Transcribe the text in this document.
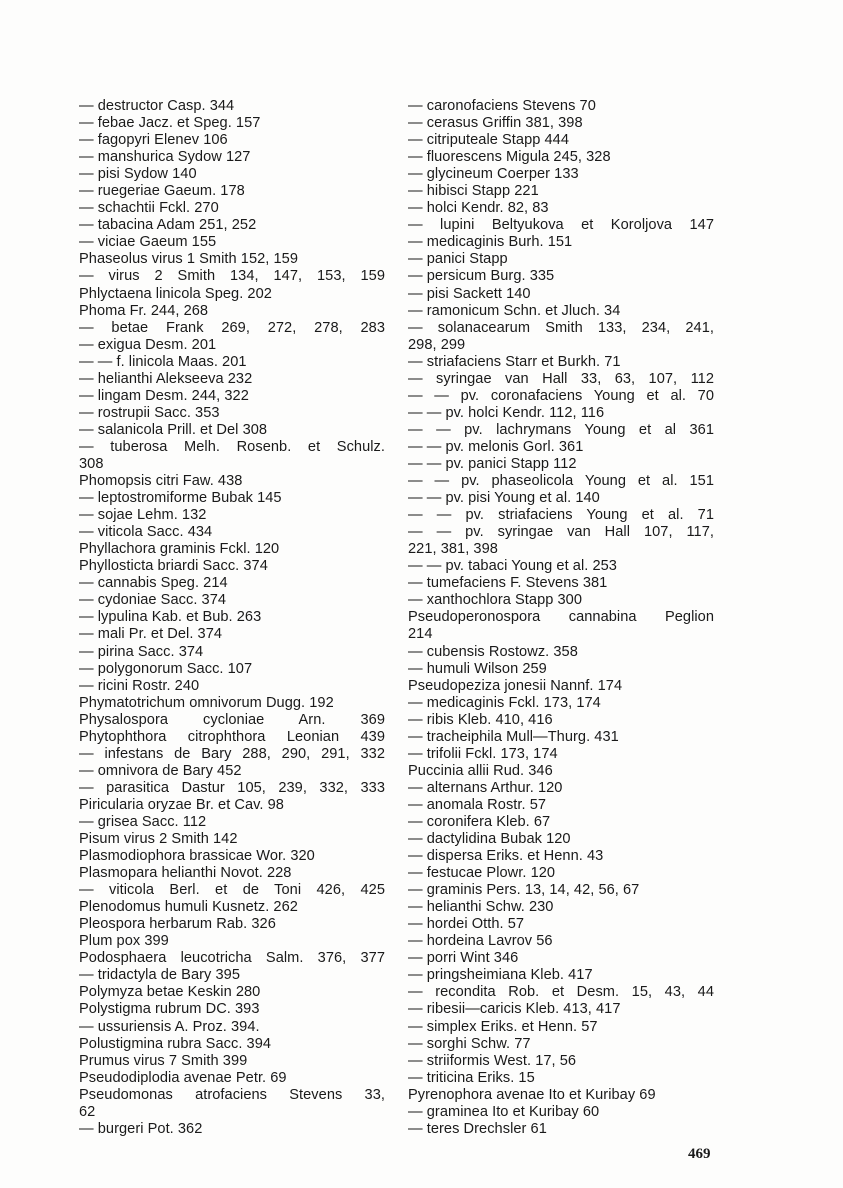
— destructor Casp. 344
— febae Jacz. et Speg. 157
— fagopyri Elenev 106
— manshurica Sydow 127
— pisi Sydow 140
— ruegeriae Gaeum. 178
— schachtii Fckl. 270
— tabacina Adam 251, 252
— viciae Gaeum 155
Phaseolus virus 1 Smith 152, 159
— virus 2 Smith 134, 147, 153, 159
Phlyctaena linicola Speg. 202
Phoma Fr. 244, 268
— betae Frank 269, 272, 278, 283
— exigua Desm. 201
— — f. linicola Maas. 201
— helianthi Alekseeva 232
— lingam Desm. 244, 322
— rostrupii Sacc. 353
— salanicola Prill. et Del 308
— tuberosa Melh. Rosenb. et Schulz.
308
Phomopsis citri Faw. 438
— leptostromiforme Bubak 145
— sojae Lehm. 132
— viticola Sacc. 434
Phyllachora graminis Fckl. 120
Phyllosticta briardi Sacc. 374
— cannabis Speg. 214
— cydoniae Sacc. 374
— lypulina Kab. et Bub. 263
— mali Pr. et Del. 374
— pirina Sacc. 374
— polygonorum Sacc. 107
— ricini Rostr. 240
Phymatotrichum omnivorum Dugg. 192
Physalospora cycloniae Arn. 369
Phytophthora citrophthora Leonian 439
— infestans de Bary 288, 290, 291, 332
— omnivora de Bary 452
— parasitica Dastur 105, 239, 332, 333
Piricularia oryzae Br. et Cav. 98
— grisea Sacc. 112
Pisum virus 2 Smith 142
Plasmodiophora brassicae Wor. 320
Plasmopara helianthi Novot. 228
— viticola Berl. et de Toni 426, 425
Plenodomus humuli Kusnetz. 262
Pleospora herbarum Rab. 326
Plum pox 399
Podosphaera leucotricha Salm. 376, 377
— tridactyla de Bary 395
Polymyza betae Keskin 280
Polystigma rubrum DC. 393
— ussuriensis A. Proz. 394.
Polustigmina rubra Sacc. 394
Prumus virus 7 Smith 399
Pseudodiplodia avenae Petr. 69
Pseudomonas atrofaciens Stevens 33,
62
— burgeri Pot. 362
— caronofaciens Stevens 70
— cerasus Griffin 381, 398
— citriputeale Stapp 444
— fluorescens Migula 245, 328
— glycineum Coerper 133
— hibisci Stapp 221
— holci Kendr. 82, 83
— lupini Beltyukova et Koroljova 147
— medicaginis Burh. 151
— panici Stapp
— persicum Burg. 335
— pisi Sackett 140
— ramonicum Schn. et Jluch. 34
— solanacearum Smith 133, 234, 241,
298, 299
— striafaciens Starr et Burkh. 71
— syringae van Hall 33, 63, 107, 112
— — pv. coronafaciens Young et al. 70
— — pv. holci Kendr. 112, 116
— — pv. lachrymans Young et al 361
— — pv. melonis Gorl. 361
— — pv. panici Stapp 112
— — pv. phaseolicola Young et al. 151
— — pv. pisi Young et al. 140
— — pv. striafaciens Young et al. 71
— — pv. syringae van Hall 107, 117,
221, 381, 398
— — pv. tabaci Young et al. 253
— tumefaciens F. Stevens 381
— xanthochlora Stapp 300
Pseudoperonospora cannabina Peglion
214
— cubensis Rostowz. 358
— humuli Wilson 259
Pseudopeziza jonesii Nannf. 174
— medicaginis Fckl. 173, 174
— ribis Kleb. 410, 416
— tracheiphila Mull—Thurg. 431
— trifolii Fckl. 173, 174
Puccinia allii Rud. 346
— alternans Arthur. 120
— anomala Rostr. 57
— coronifera Kleb. 67
— dactylidina Bubak 120
— dispersa Eriks. et Henn. 43
— festucae Plowr. 120
— graminis Pers. 13, 14, 42, 56, 67
— helianthi Schw. 230
— hordei Otth. 57
— hordeina Lavrov 56
— porri Wint 346
— pringsheimiana Kleb. 417
— recondita Rob. et Desm. 15, 43, 44
— ribesii—caricis Kleb. 413, 417
— simplex Eriks. et Henn. 57
— sorghi Schw. 77
— striiformis West. 17, 56
— triticina Eriks. 15
Pyrenophora avenae Ito et Kuribay 69
— graminea Ito et Kuribay 60
— teres Drechsler 61
469
